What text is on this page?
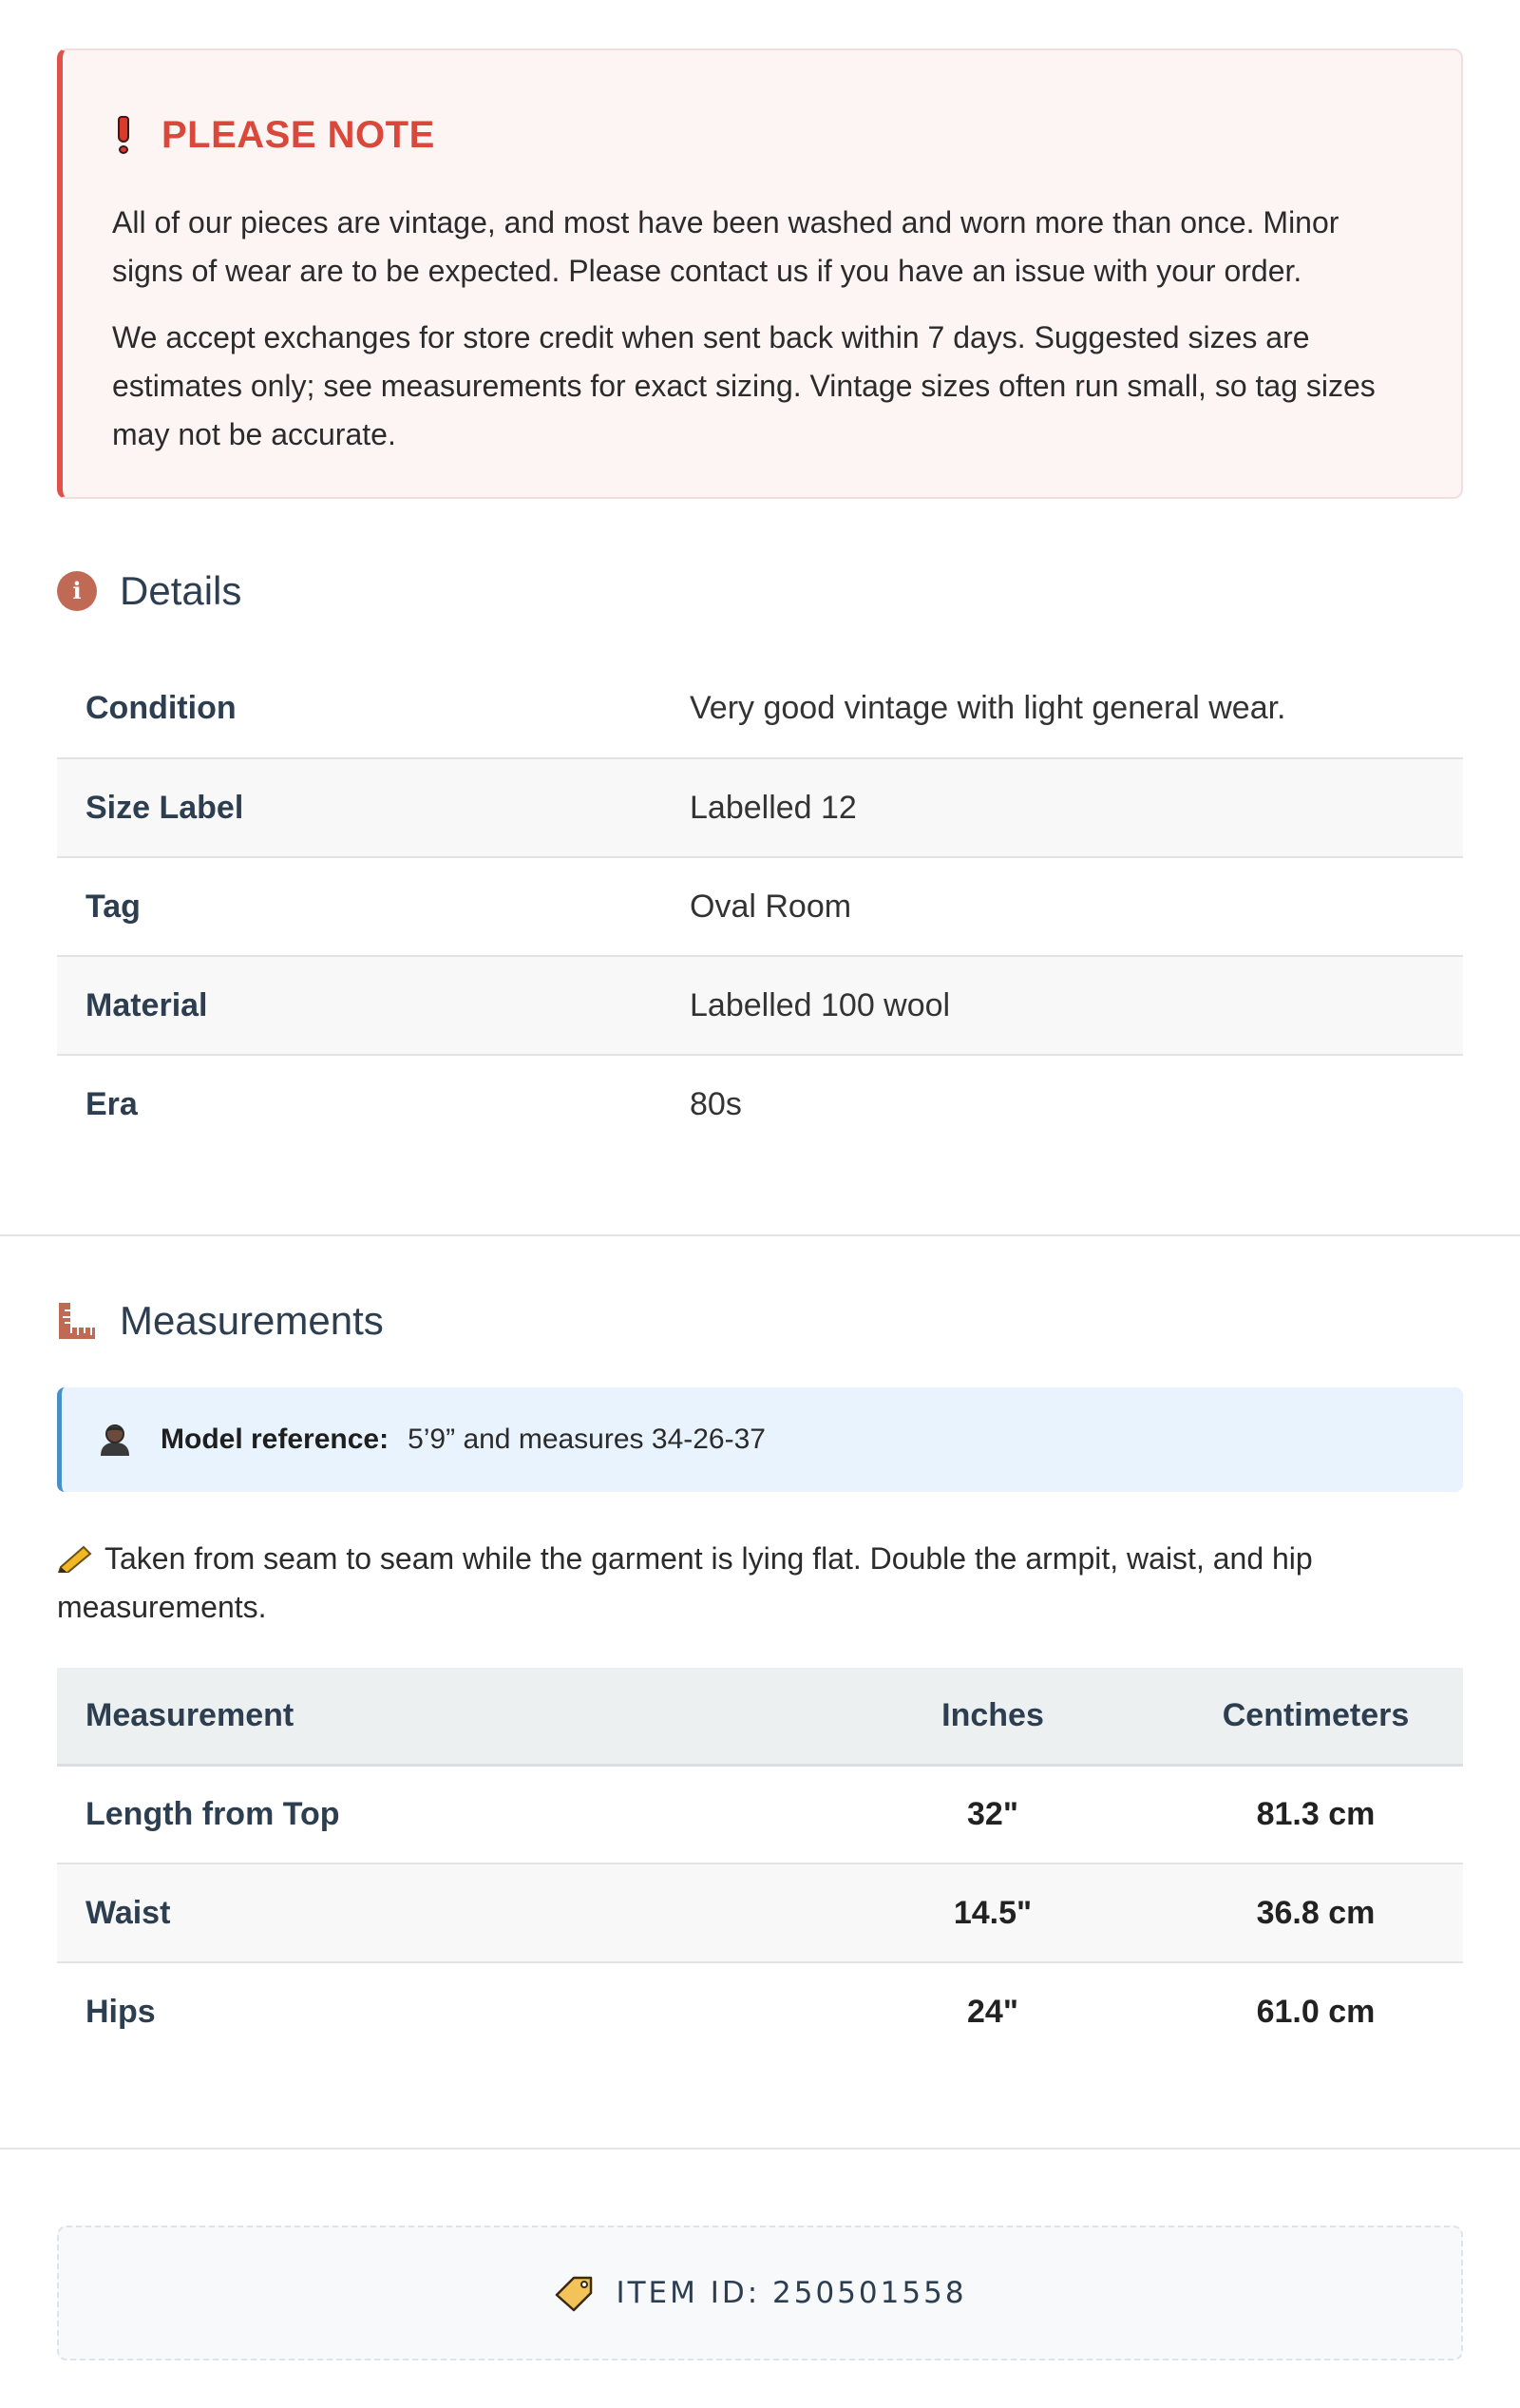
PLEASE NOTE

All of our pieces are vintage, and most have been washed and worn more than once. Minor signs of wear are to be expected. Please contact us if you have an issue with your order.

We accept exchanges for store credit when sent back within 7 days. Suggested sizes are estimates only; see measurements for exact sizing. Vintage sizes often run small, so tag sizes may not be accurate.

i Details
Condition	Very good vintage with light general wear.
Size Label	Labelled 12
Tag	Oval Room
Material	Labelled 100 wool
Era	80s
Measurements
Model reference: 5’9” and measures 34-26-37
Taken from seam to seam while the garment is lying flat. Double the armpit, waist, and hip measurements.
Measurement	Inches	Centimeters
Length from Top	32"	81.3 cm
Waist	14.5"	36.8 cm
Hips	24"	61.0 cm
ITEM ID: 250501558
